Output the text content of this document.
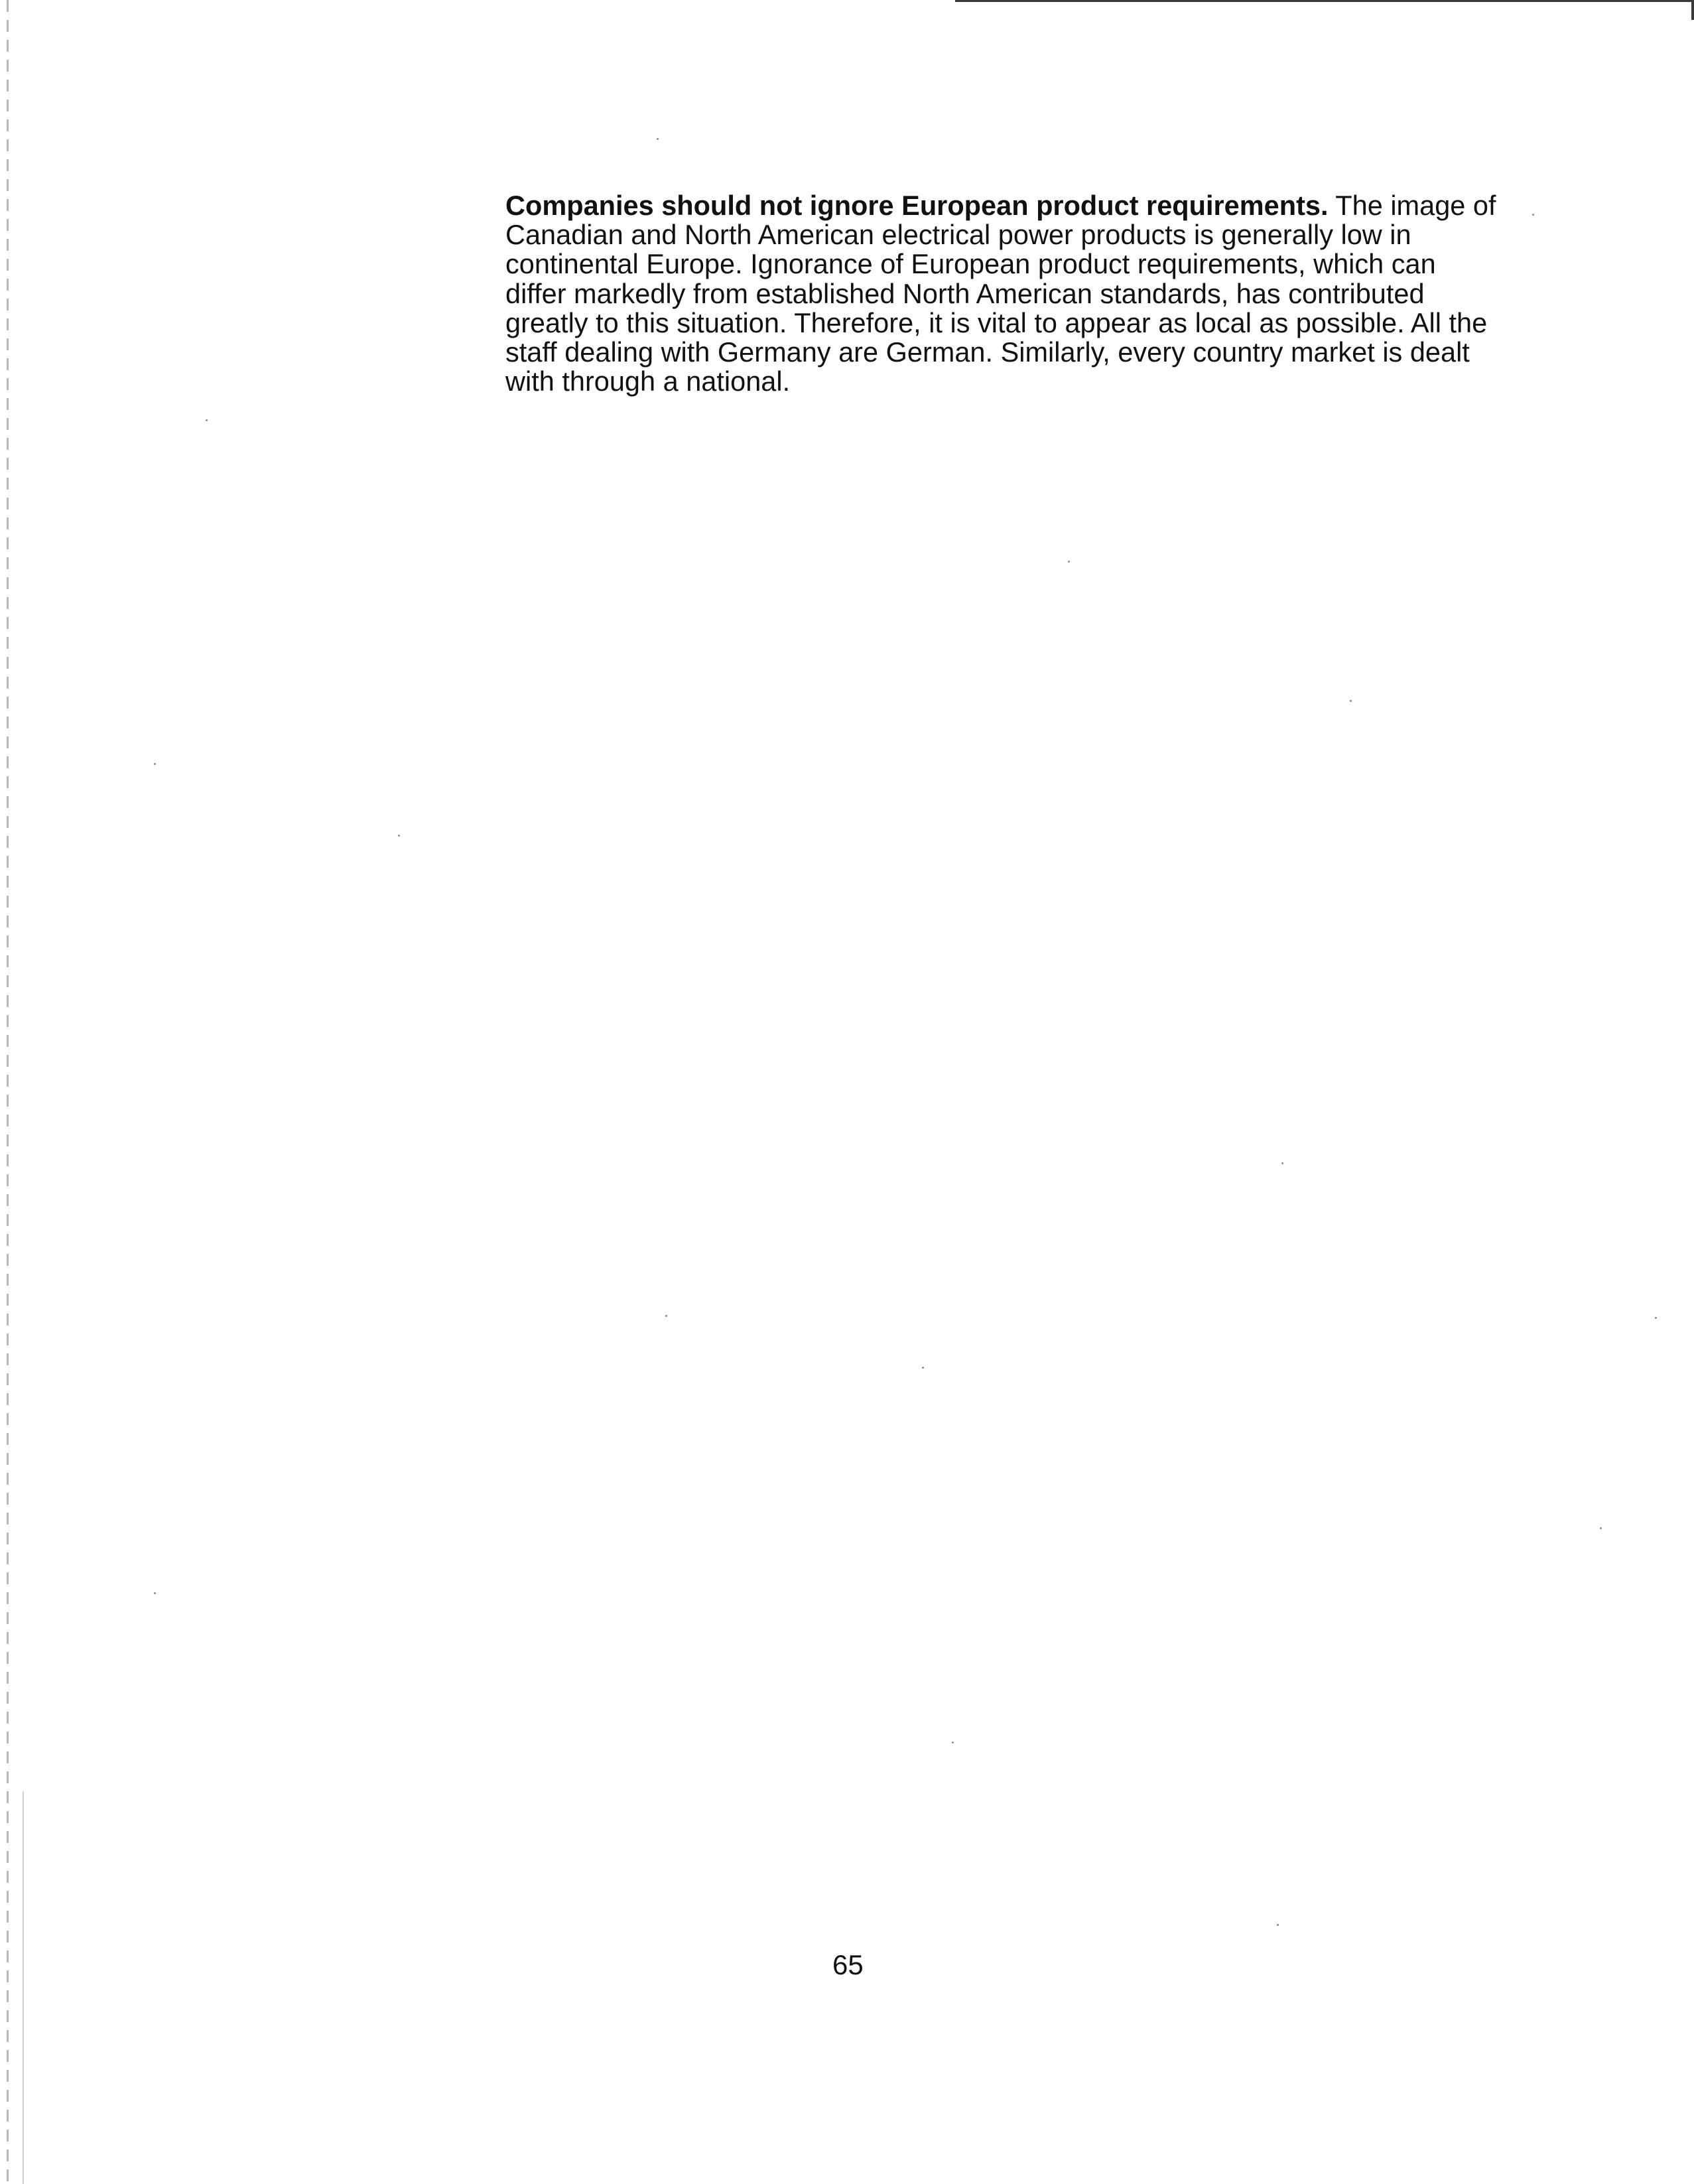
Companies should not ignore European product requirements. The image of Canadian and North American electrical power products is generally low in continental Europe. Ignorance of European product requirements, which can differ markedly from established North American standards, has contributed greatly to this situation. Therefore, it is vital to appear as local as possible. All the staff dealing with Germany are German. Similarly, every country market is dealt with through a national.

65
